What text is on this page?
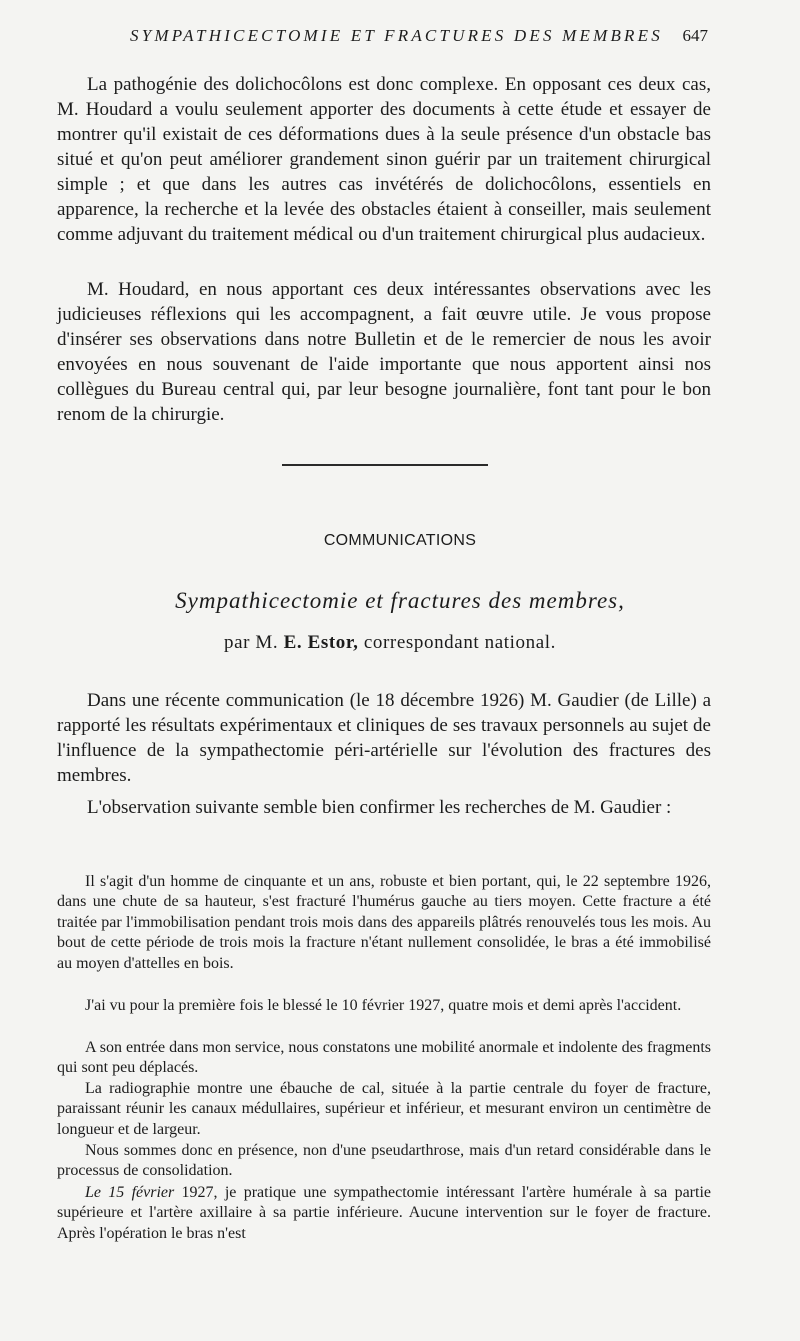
SYMPATHICECTOMIE ET FRACTURES DES MEMBRES 647

La pathogénie des dolichocôlons est donc complexe. En opposant ces deux cas, M. Houdard a voulu seulement apporter des documents à cette étude et essayer de montrer qu'il existait de ces déformations dues à la seule présence d'un obstacle bas situé et qu'on peut améliorer grandement sinon guérir par un traitement chirurgical simple ; et que dans les autres cas invétérés de dolichocôlons, essentiels en apparence, la recherche et la levée des obstacles étaient à conseiller, mais seulement comme adjuvant du traitement médical ou d'un traitement chirurgical plus audacieux.

M. Houdard, en nous apportant ces deux intéressantes observations avec les judicieuses réflexions qui les accompagnent, a fait œuvre utile. Je vous propose d'insérer ses observations dans notre Bulletin et de le remercier de nous les avoir envoyées en nous souvenant de l'aide importante que nous apportent ainsi nos collègues du Bureau central qui, par leur besogne journalière, font tant pour le bon renom de la chirurgie.

COMMUNICATIONS
Sympathicectomie et fractures des membres,
par M. E. Estor, correspondant national.

Dans une récente communication (le 18 décembre 1926) M. Gaudier (de Lille) a rapporté les résultats expérimentaux et cliniques de ses travaux personnels au sujet de l'influence de la sympathectomie péri-artérielle sur l'évolution des fractures des membres.

L'observation suivante semble bien confirmer les recherches de M. Gaudier :

Il s'agit d'un homme de cinquante et un ans, robuste et bien portant, qui, le 22 septembre 1926, dans une chute de sa hauteur, s'est fracturé l'humérus gauche au tiers moyen. Cette fracture a été traitée par l'immobilisation pendant trois mois dans des appareils plâtrés renouvelés tous les mois. Au bout de cette période de trois mois la fracture n'étant nullement consolidée, le bras a été immobilisé au moyen d'attelles en bois.

J'ai vu pour la première fois le blessé le 10 février 1927, quatre mois et demi après l'accident.

A son entrée dans mon service, nous constatons une mobilité anormale et indolente des fragments qui sont peu déplacés.

La radiographie montre une ébauche de cal, située à la partie centrale du foyer de fracture, paraissant réunir les canaux médullaires, supérieur et inférieur, et mesurant environ un centimètre de longueur et de largeur.

Nous sommes donc en présence, non d'une pseudarthrose, mais d'un retard considérable dans le processus de consolidation.

Le 15 février 1927, je pratique une sympathectomie intéressant l'artère humérale à sa partie supérieure et l'artère axillaire à sa partie inférieure. Aucune intervention sur le foyer de fracture. Après l'opération le bras n'est
